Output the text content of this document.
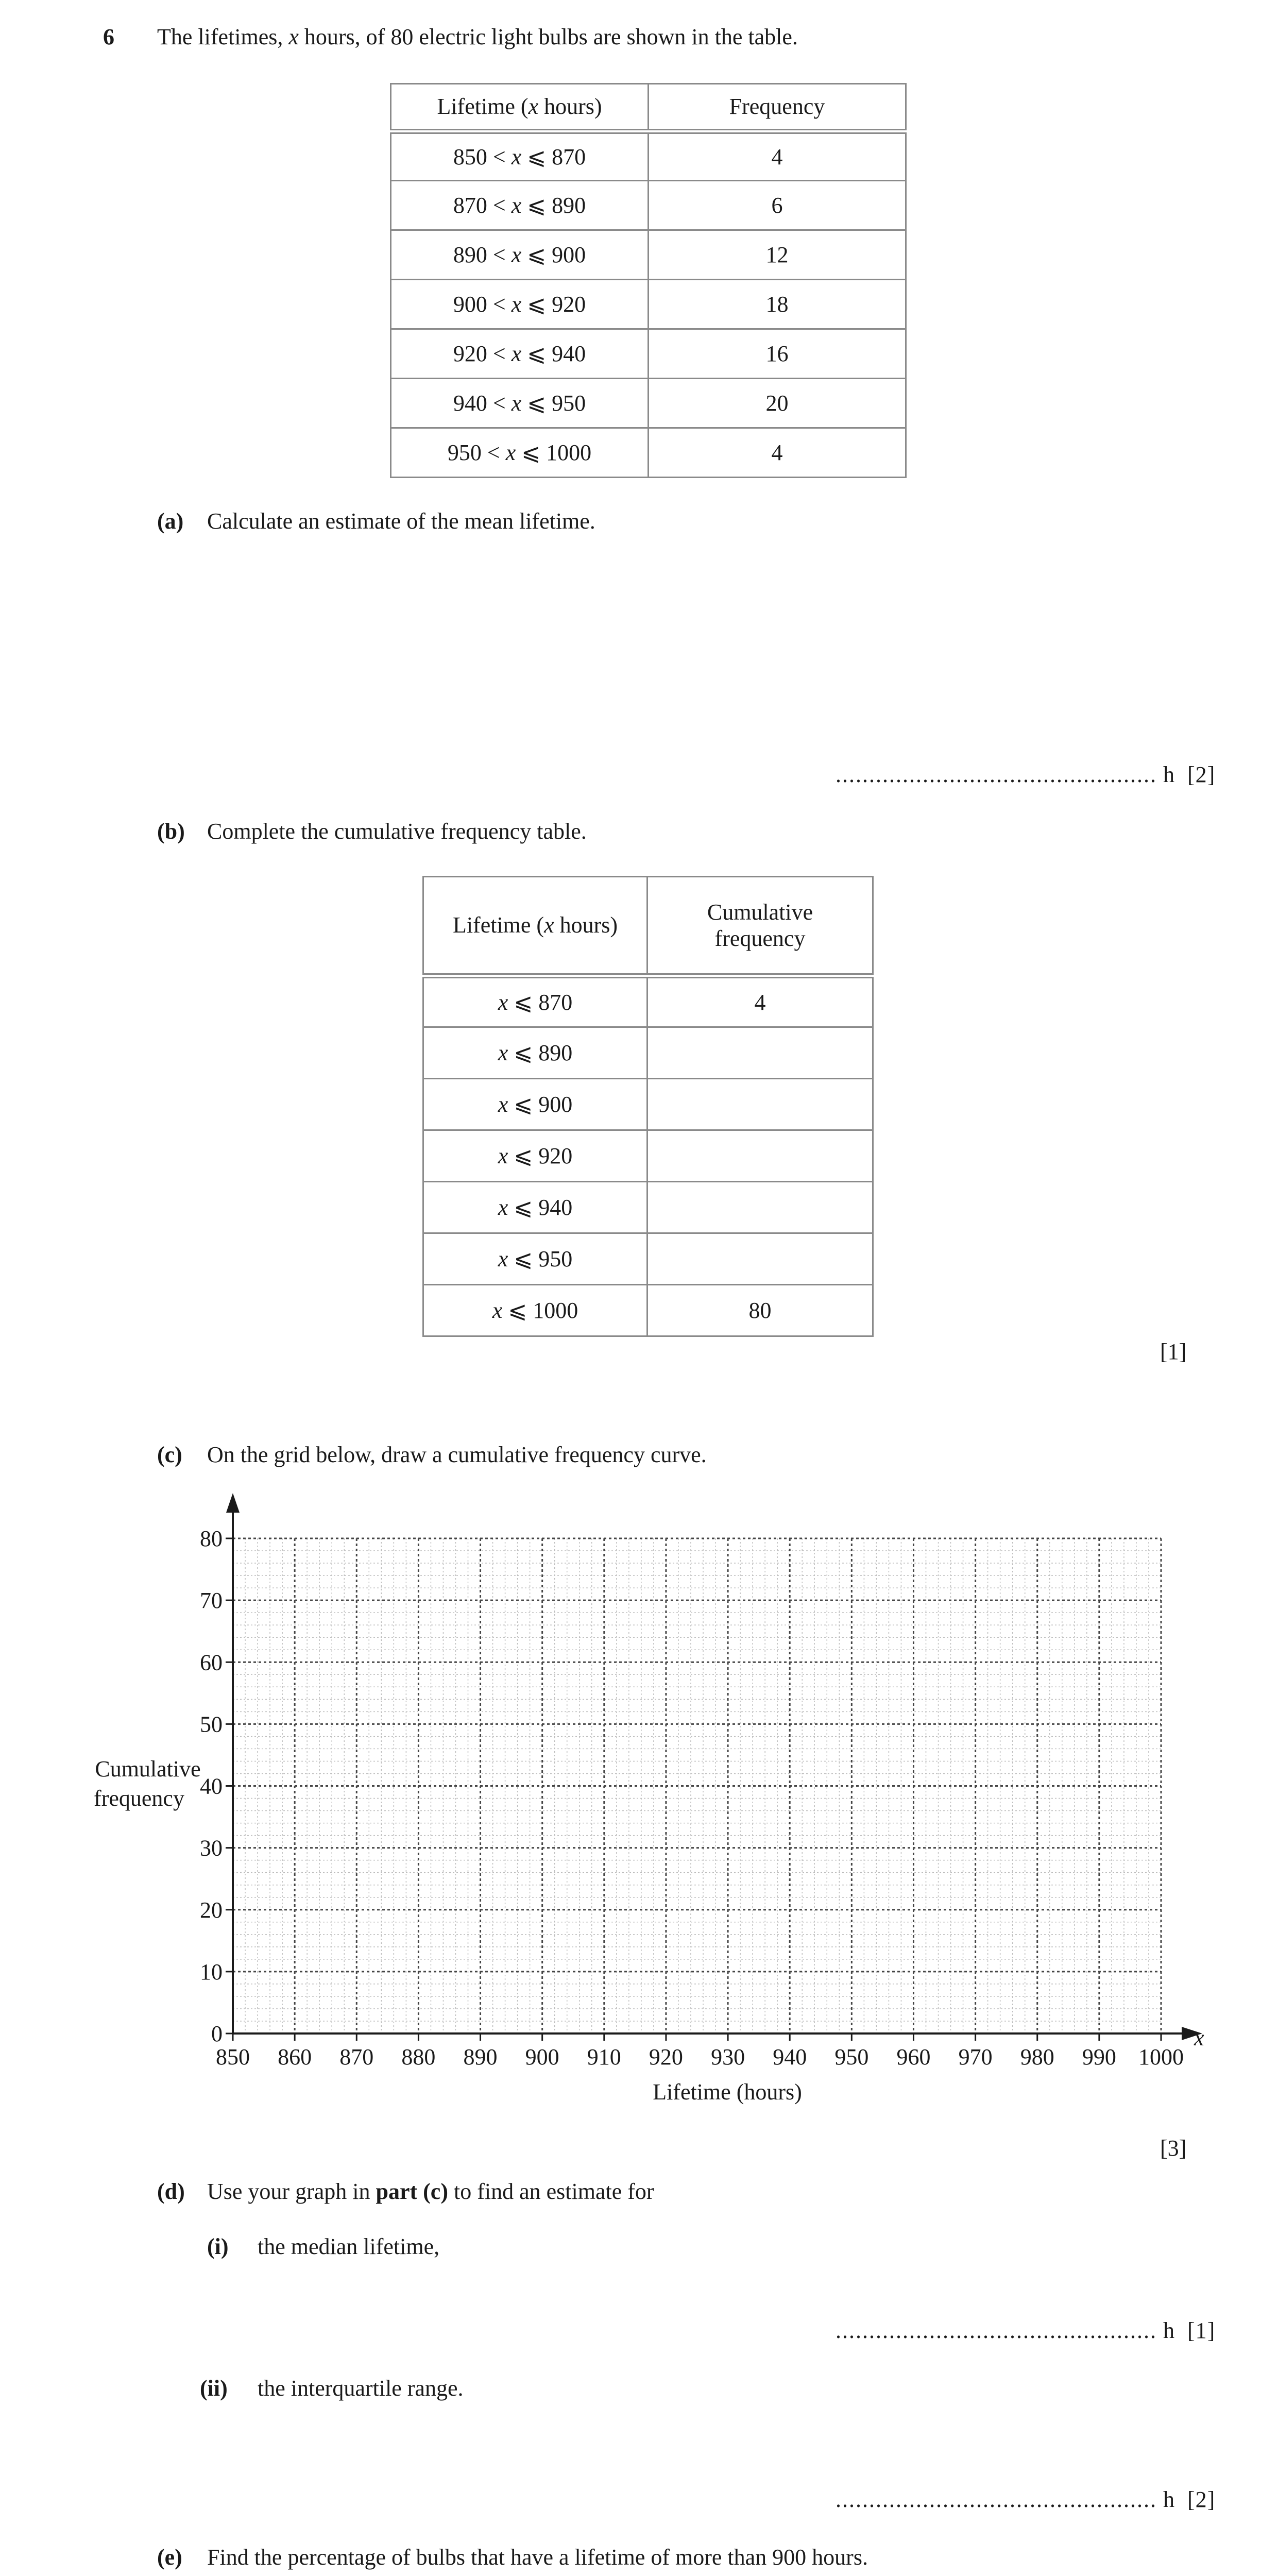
6 The lifetimes, x hours, of 80 electric light bulbs are shown in the table.
Lifetime (x hours)	Frequency
850 < x ⩽ 870	4
870 < x ⩽ 890	6
890 < x ⩽ 900	12
900 < x ⩽ 920	18
920 < x ⩽ 940	16
940 < x ⩽ 950	20
950 < x ⩽ 1000	4
(a) Calculate an estimate of the mean lifetime.
................................................ h [2]
(b) Complete the cumulative frequency table.
Lifetime (x hours)	Cumulative
frequency
x ⩽ 870	4
x ⩽ 890	
x ⩽ 900	
x ⩽ 920	
x ⩽ 940	
x ⩽ 950	
x ⩽ 1000	80
[1]
(c) On the grid below, draw a cumulative frequency curve.
850 860 870 880 890 900 910 920 930 940 950 960 970 980 990 1000
0
10
20
30
40
50
60
70
80
Lifetime (hours)
Cumulative
frequency
x
[3]
(d) Use your graph in part (c) to find an estimate for
(i) the median lifetime,
................................................ h [1]
(ii) the interquartile range.
................................................ h [2]
(e) Find the percentage of bulbs that have a lifetime of more than 900 hours.
